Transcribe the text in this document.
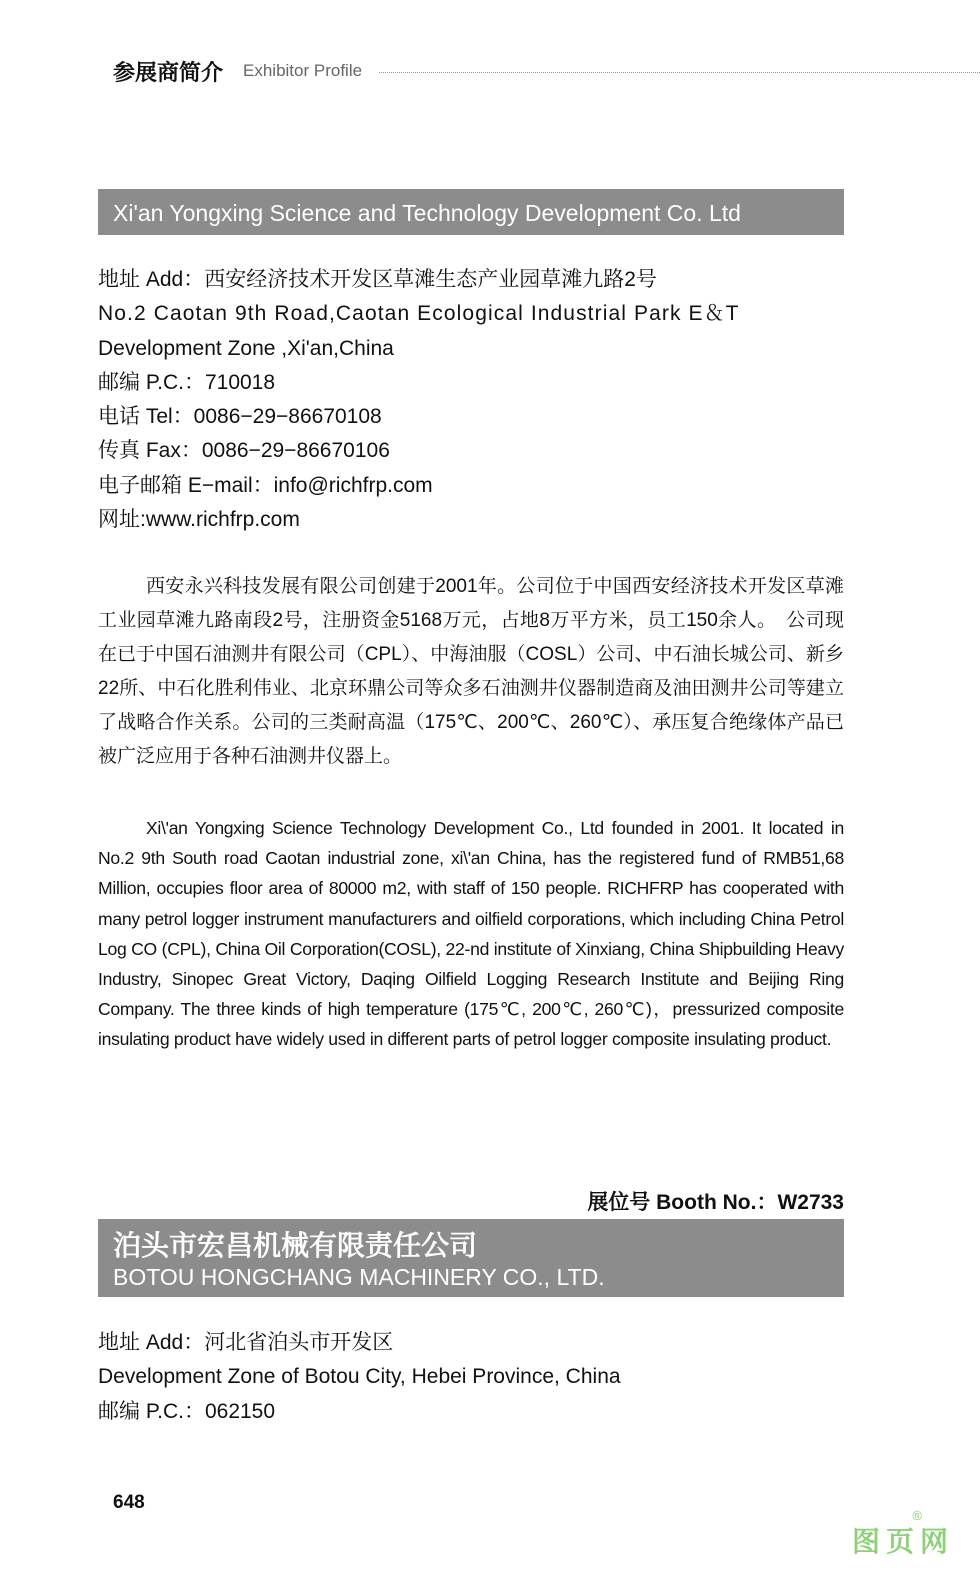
参展商简介 Exhibitor Profile
Xi'an Yongxing Science and Technology Development Co. Ltd
地址 Add：西安经济技术开发区草滩生态产业园草滩九路2号
No.2 Caotan 9th Road,Caotan Ecological Industrial Park E＆T
Development Zone ,Xi'an,China
邮编 P.C.：710018
电话 Tel：0086−29−86670108
传真 Fax：0086−29−86670106
电子邮箱 E−mail：info@richfrp.com
网址:www.richfrp.com

西安永兴科技发展有限公司创建于2001年。公司位于中国西安经济技术开发区草滩工业园草滩九路南段2号，注册资金5168万元，占地8万平方米，员工150余人。　公司现在已于中国石油测井有限公司（CPL）、中海油服（COSL）公司、中石油长城公司、新乡22所、中石化胜利伟业、北京环鼎公司等众多石油测井仪器制造商及油田测井公司等建立了战略合作关系。公司的三类耐高温（175℃、200℃、260℃）、承压复合绝缘体产品已被广泛应用于各种石油测井仪器上。

Xi\'an Yongxing Science Technology Development Co., Ltd founded in 2001. It located in No.2 9th South road Caotan industrial zone, xi\'an China, has the registered fund of RMB51,68 Million, occupies floor area of 80000 m2, with staff of 150 people. RICHFRP has cooperated with many petrol logger instrument manufacturers and oilfield corporations, which including China Petrol Log CO (CPL), China Oil Corporation(COSL), 22-nd institute of Xinxiang, China Shipbuilding Heavy Industry, Sinopec Great Victory, Daqing Oilfield Logging Research Institute and Beijing Ring Company. The three kinds of high temperature (175℃, 200℃, 260℃)，pressurized composite insulating product have widely used in different parts of petrol logger composite insulating product.

展位号 Booth No.：W2733
泊头市宏昌机械有限责任公司
BOTOU HONGCHANG MACHINERY CO., LTD.
地址 Add：河北省泊头市开发区
Development Zone of Botou City, Hebei Province, China
邮编 P.C.：062150
648
图页网
®
